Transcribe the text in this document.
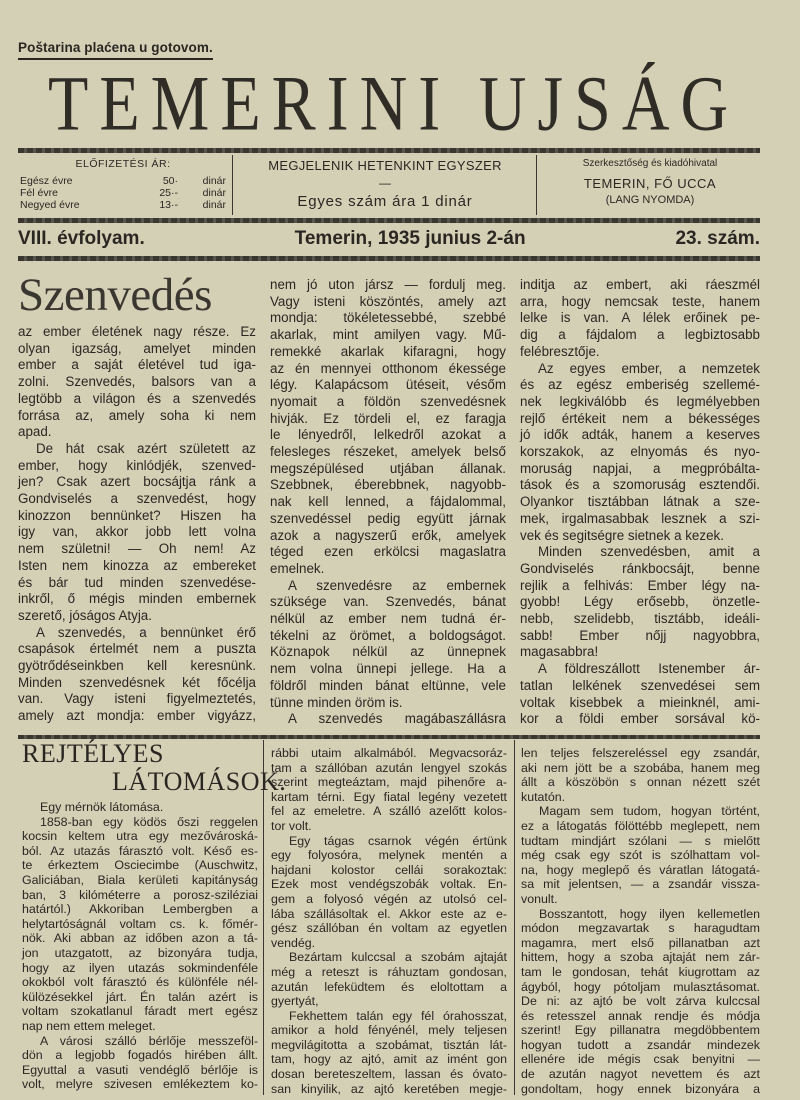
Poštarina plaćena u gotovom.
TEMERINI UJSÁG
ELŐFIZETÉSI ÁR:
Egész évre	50·	dinár
Fél évre	25·-	dinár
Negyed évre	13·-	dinár
MEGJELENIK HETENKINT EGYSZER
—
Egyes szám ára 1 dinár
Szerkesztőség és kiadóhivatal
TEMERIN, FŐ UCCA
(LANG NYOMDA)
VIII. évfolyam.	Temerin, 1935 junius 2-án	23. szám.
Szenvedés
az ember életének nagy része. Ez
olyan igazság, amelyet minden
ember a saját életével tud iga-
zolni. Szenvedés, balsors van a
legtöbb a világon és a szenvedés
forrása az, amely soha ki nem
apad.
De hát csak azért született az
ember, hogy kinlódjék, szenved-
jen? Csak azert bocsájtja ránk a
Gondviselés a szenvedést, hogy
kinozzon bennünket? Hiszen ha
igy van, akkor jobb lett volna
nem születni! — Oh nem! Az
Isten nem kinozza az embereket
és bár tud minden szenvedése-
inkről, ő mégis minden embernek
szerető, jóságos Atyja.
A szenvedés, a bennünket érő
csapások értelmét nem a puszta
gyötrődéseinkben kell keresnünk.
Minden szenvedésnek két főcélja
van. Vagy isteni figyelmeztetés,
amely azt mondja: ember vigyázz,
nem jó uton jársz — fordulj meg.
Vagy isteni köszöntés, amely azt
mondja: tökéletessebbé, szebbé
akarlak, mint amilyen vagy. Mű-
remekké akarlak kifaragni, hogy
az én mennyei otthonom ékessége
légy. Kalapácsom ütéseit, vésőm
nyomait a földön szenvedésnek
hivják. Ez tördeli el, ez faragja
le lényedről, lelkedről azokat a
felesleges részeket, amelyek belső
megszépülésed utjában állanak.
Szebbnek, éberebbnek, nagyobb-
nak kell lenned, a fájdalommal,
szenvedéssel pedig együtt járnak
azok a nagyszerű erők, amelyek
téged ezen erkölcsi magaslatra
emelnek.
A szenvedésre az embernek
szüksége van. Szenvedés, bánat
nélkül az ember nem tudná ér-
tékelni az örömet, a boldogságot.
Köznapok nélkül az ünnepnek
nem volna ünnepi jellege. Ha a
földről minden bánat eltünne, vele
tünne minden öröm is.
A szenvedés magábaszállásra
inditja az embert, aki ráeszmél
arra, hogy nemcsak teste, hanem
lelke is van. A lélek erőinek pe-
dig a fájdalom a legbiztosabb
felébresztője.
Az egyes ember, a nemzetek
és az egész emberiség szellemé-
nek legkiválóbb és legmélyebben
rejlő értékeit nem a békességes
jó idők adták, hanem a keserves
korszakok, az elnyomás és nyo-
moruság napjai, a megpróbálta-
tások és a szomoruság esztendői.
Olyankor tisztábban látnak a sze-
mek, irgalmasabbak lesznek a szi-
vek és segitségre sietnek a kezek.
Minden szenvedésben, amit a
Gondviselés ránkbocsájt, benne
rejlik a felhivás: Ember légy na-
gyobb! Légy erősebb, önzetle-
nebb, szelidebb, tisztább, ideáli-
sabb! Ember nőjj nagyobbra,
magasabbra!
A földreszállott Istenember ár-
tatlan lelkének szenvedései sem
voltak kisebbek a mieinknél, ami-
kor a földi ember sorsával kö-
REJTÉLYES
LÁTOMÁSOK.
Egy mérnök látomása.
1858-ban egy ködös őszi reggelen
kocsin keltem utra egy mezővároská-
ból. Az utazás fárasztó volt. Késő es-
te érkeztem Osciecimbe (Auschwitz,
Galiciában, Biala kerületi kapitányság
ban, 3 kilóméterre a porosz-sziléziai
határtól.) Akkoriban Lembergben a
helytartóságnál voltam cs. k. főmér-
nök. Aki abban az időben azon a tá-
jon utazgatott, az bizonyára tudja,
hogy az ilyen utazás sokmindenféle
okokból volt fárasztó és különféle nél-
külözésekkel járt. Én talán azért is
voltam szokatlanul fáradt mert egész
nap nem ettem meleget.
A városi szálló bérlője messzeföl-
dön a legjobb fogadós hirében állt.
Egyuttal a vasuti vendéglő bérlője is
volt, melyre szivesen emlékeztem ko-
rábbi utaim alkalmából. Megvacsoráz-
tam a szállóban azután lengyel szokás
szerint megteáztam, majd pihenőre a-
kartam térni. Egy fiatal legény vezetett
fel az emeletre. A szálló azelőtt kolos-
tor volt.
Egy tágas csarnok végén értünk
egy folyosóra, melynek mentén a
hajdani kolostor cellái sorakoztak:
Ezek most vendégszobák voltak. En-
gem a folyosó végén az utolsó cel-
lába szállásoltak el. Akkor este az e-
gész szállóban én voltam az egyetlen
vendég.
Bezártam kulccsal a szobám ajtaját
még a reteszt is ráhuztam gondosan,
azután lefeküdtem és eloltottam a
gyertyát,
Fekhettem talán egy fél órahosszat,
amikor a hold fényénél, mely teljesen
megvilágitotta a szobámat, tisztán lát-
tam, hogy az ajtó, amit az imént gon
dosan bereteszeltem, lassan és óvato-
san kinyilik, az ajtó keretében megje-
len teljes felszereléssel egy zsandár,
aki nem jött be a szobába, hanem meg
állt a köszöbön s onnan nézett szét
kutatón.
Magam sem tudom, hogyan történt,
ez a látogatás fölöttébb meglepett, nem
tudtam mindjárt szólani — s mielőtt
még csak egy szót is szólhattam vol-
na, hogy meglepő és váratlan látogatá-
sa mit jelentsen, — a zsandár vissza-
vonult.
Bosszantott, hogy ilyen kellemetlen
módon megzavartak s haragudtam
magamra, mert első pillanatban azt
hittem, hogy a szoba ajtaját nem zár-
tam le gondosan, tehát kiugrottam az
ágyból, hogy pótoljam mulasztásomat.
De ni: az ajtó be volt zárva kulccsal
és retesszel annak rendje és módja
szerint! Egy pillanatra megdöbbentem
hogyan tudott a zsandár mindezek
ellenére ide mégis csak benyitni —
de azután nagyot nevettem és azt
gondoltam, hogy ennek bizonyára a
